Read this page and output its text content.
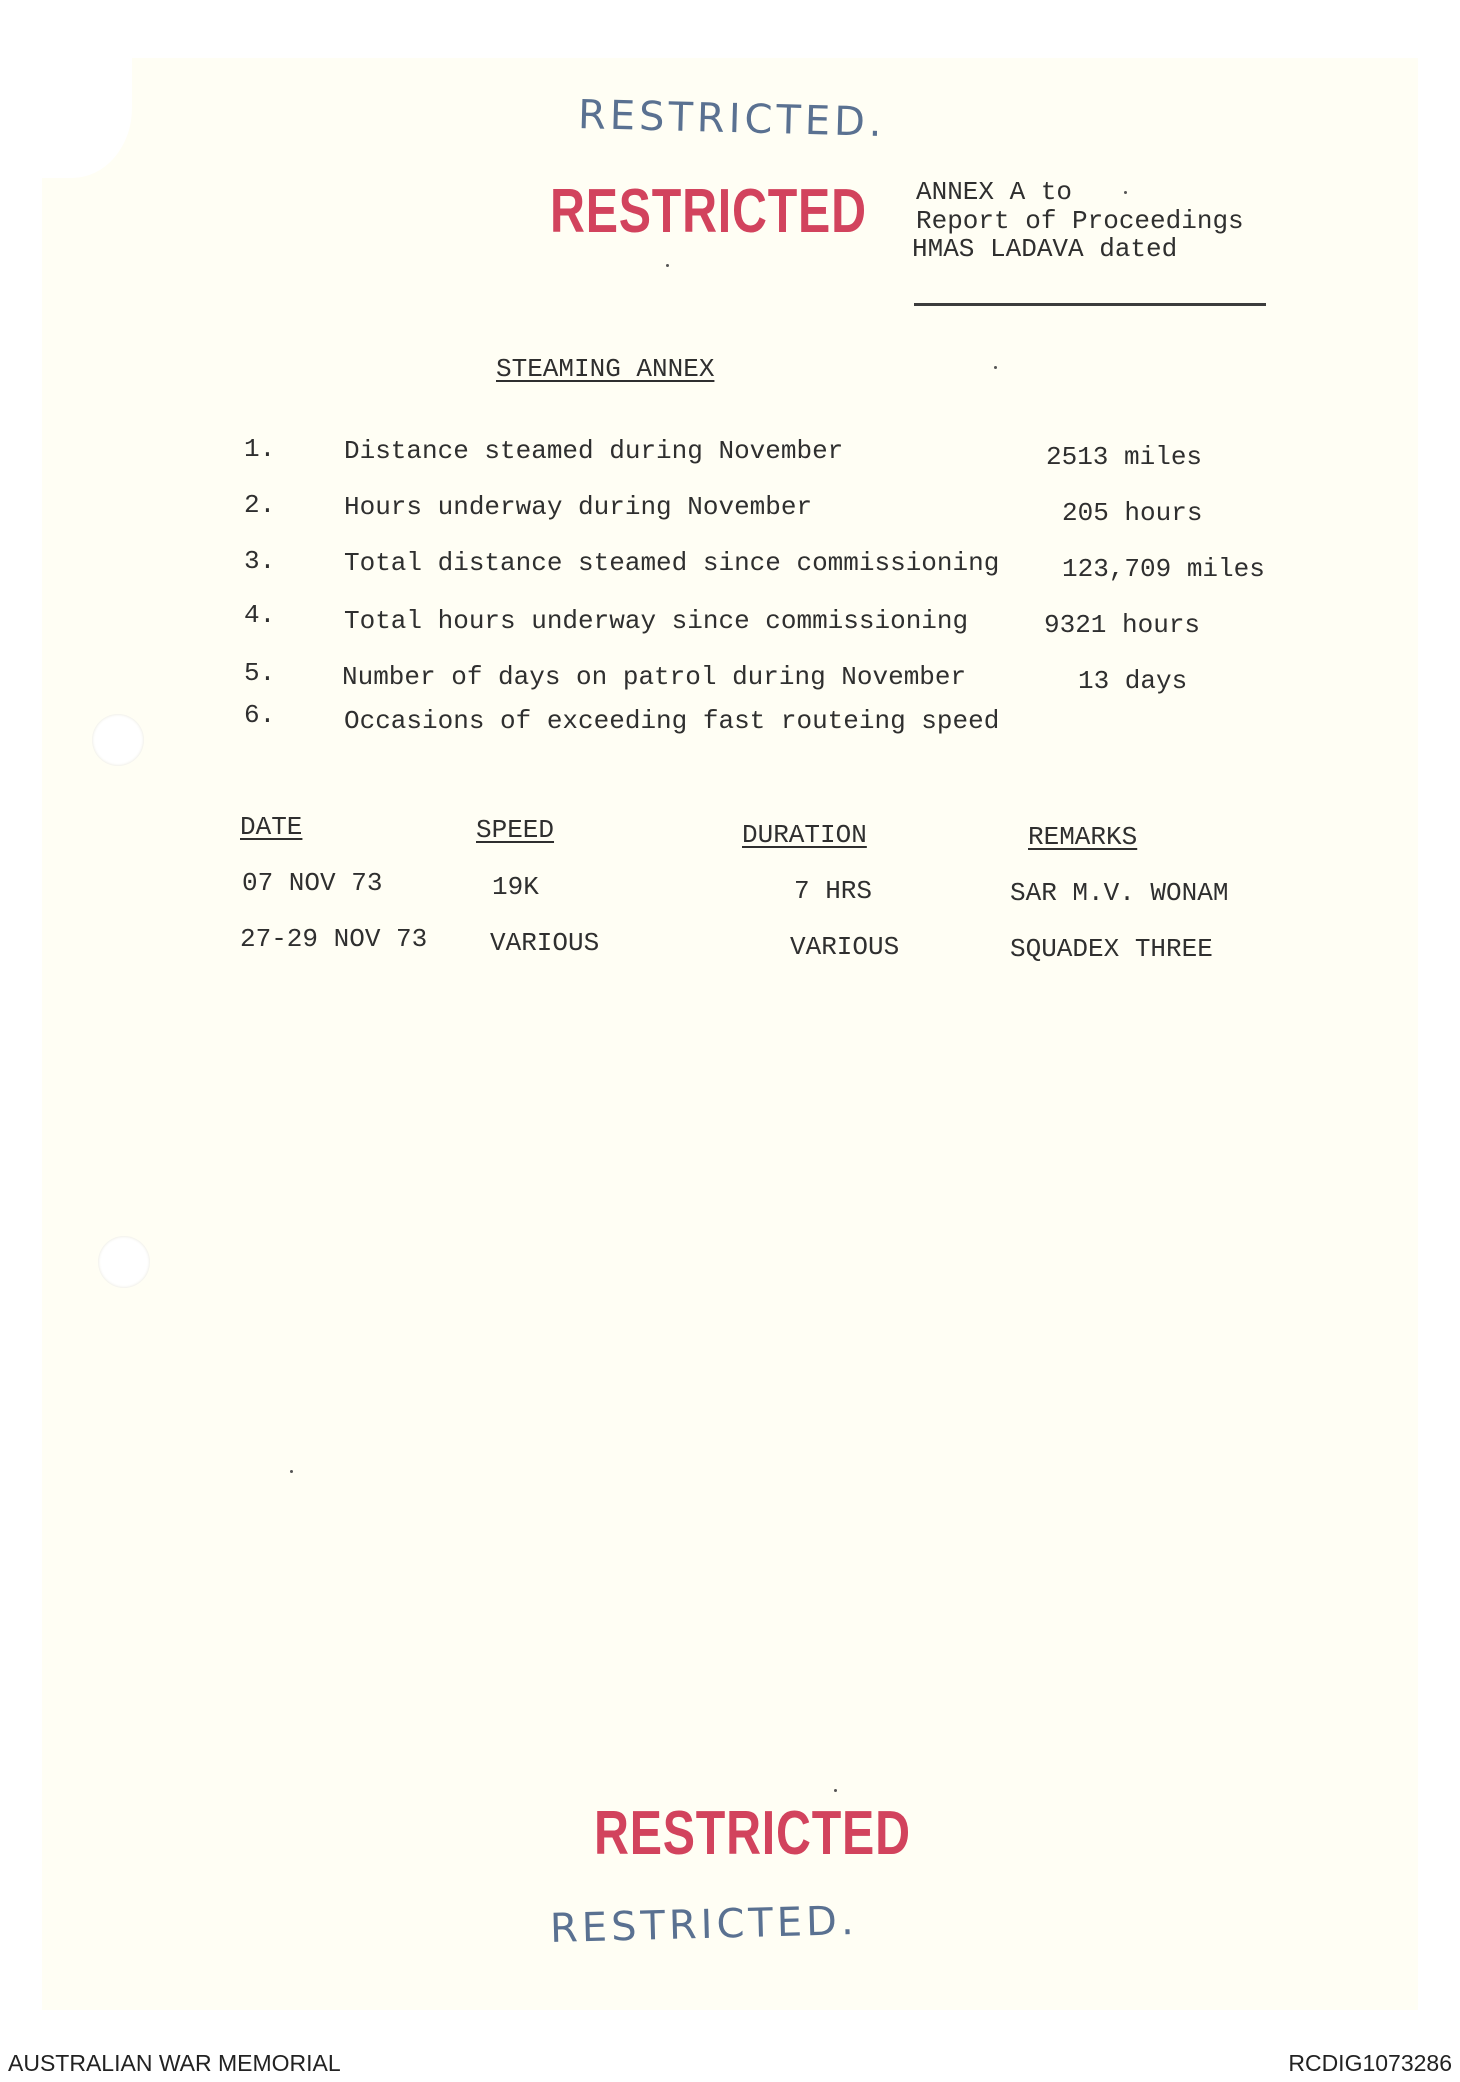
RESTRICTED.
RESTRICTED
RESTRICTED
RESTRICTED.
ANNEX A to
Report of Proceedings
HMAS LADAVA dated
STEAMING ANNEX
1.	Distance steamed during November	2513 miles
2.	Hours underway during November	205 hours
3.	Total distance steamed since commissioning 123,709 miles
4.	Total hours underway since commissioning	9321 hours
5.	Number of days on patrol during November	13 days
6.	Occasions of exceeding fast routeing speed
DATE	SPEED	DURATION	REMARKS
07 NOV 73	19K	7 HRS	SAR M.V. WONAM
27-29 NOV 73 VARIOUS	VARIOUS	SQUADEX THREE
AUSTRALIAN WAR MEMORIAL	RCDIG1073286
